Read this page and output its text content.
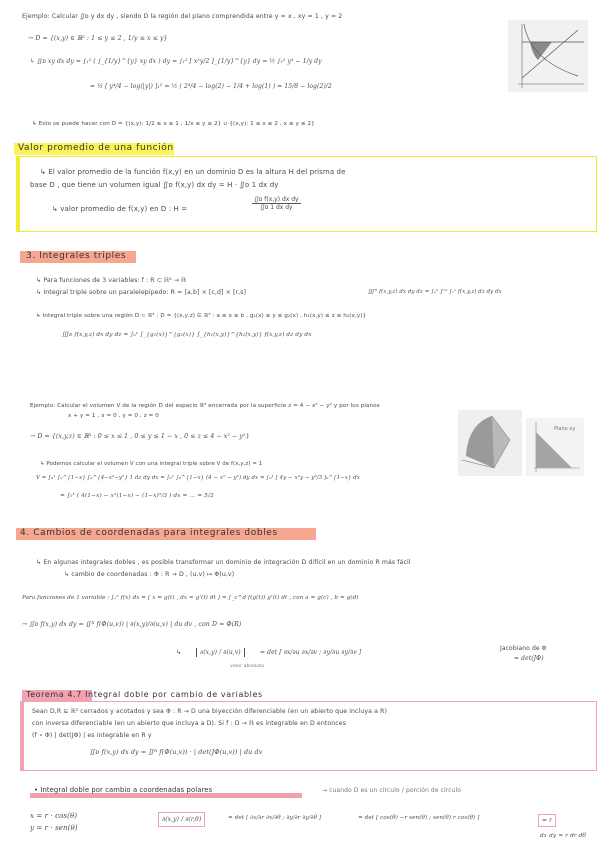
Ejemplo: Calcular ∬ᴅ y dx dy , siendo D la región del plano comprendida entre y = x , xy = 1 , y = 2
→ D = {(x,y) ∈ ℝ² : 1 ≤ y ≤ 2 , 1/y ≤ x ≤ y}
↳ ∬ᴅ xy dx dy = ∫₁² ( ∫_{1/y}^{y} xy dx ) dy = ∫₁² [ x²y/2 ]_{1/y}^{y} dy = ½ ∫₁² y³ − 1/y dy
= ½ [ y⁴/4 − log(|y|) ]₁² = ½ ( 2⁴/4 − log(2) − 1/4 + log(1) ) = 15/8 − log(2)/2
↳ Esto se puede hacer con D = {(x,y): 1/2 ≤ x ≤ 1 , 1/x ≤ y ≤ 2} ∪ {(x,y): 1 ≤ x ≤ 2 , x ≤ y ≤ 2}
Valor promedio de una función
↳ El valor promedio de la función f(x,y) en un dominio D es la altura H del prisma de
base D , que tiene un volumen igual ∬ᴅ f(x,y) dx dy = H · ∬ᴅ 1 dx dy
↳ valor promedio de f(x,y) en D : H =	$\frac{\text{∬ᴅ f(x,y) dx dy}}{\text{∬ᴅ 1 dx dy}}$
3. Integrales triples
↳ Para funciones de 3 variables: f : R ⊂ ℝ³ → ℝ
↳ Integral triple sobre un paralelepípedo: R = [a,b] × [c,d] × [r,s]	∭ᴿ f(x,y,z) dx dy dz = ∫ₐᵇ ∫ᶜᵈ ∫ᵣˢ f(x,y,z) dz dy dx
↳ Integral triple sobre una región D ⊂ ℝ³ : D = {(x,y,z) ∈ ℝ³ : a ≤ x ≤ b , g₁(x) ≤ y ≤ g₂(x) , h₁(x,y) ≤ z ≤ h₂(x,y)}
∭ᴅ f(x,y,z) dx dy dz = ∫ₐᵇ ∫_{g₁(x)}^{g₂(x)} ∫_{h₁(x,y)}^{h₂(x,y)} f(x,y,z) dz dy dx
Ejemplo: Calcular el volumen V de la región D del espacio ℝ³ encerrada por la superficie z = 4 − x² − y² y por los planos
x + y = 1 , x = 0 , y = 0 , z = 0
→ D = {(x,y,z) ∈ ℝ³ : 0 ≤ x ≤ 1 , 0 ≤ y ≤ 1 − x , 0 ≤ z ≤ 4 − x² − y²}
↳ Podemos calcular el volumen V con una integral triple sobre V de f(x,y,z) = 1
V = ∫₀¹ ∫₀^{1−x} ∫₀^{4−x²−y²} 1 dz dy dx = ∫₀¹ ∫₀^{1−x} (4 − x² − y²) dy dx = ∫₀¹ [ 4y − x²y − y³/3 ]₀^{1−x} dx
= ∫₀¹ ( 4(1−x) − x²(1−x) − (1−x)³/3 ) dx = … = 5/2
Plano xy
4. Cambios de coordenadas para integrales dobles
↳ En algunas integrales dobles , es posible transformar un dominio de integración D difícil en un dominio R más fácil
↳ cambio de coordenadas : Φ : R → D , (u,v) ↦ Φ(u,v)
Para funciones de 1 variable : ∫ₐᵇ f(x) dx = [ x = g(t) , dx = g'(t) dt ] = ∫_c^d f(g(t)) g'(t) dt , con a = g(c) , b = g(d)
→ ∬ᴅ f(x,y) dx dy = ∬ᴿ f(Φ(u,v)) | ∂(x,y)/∂(u,v) | du dv , con D = Φ(R)
↳	∂(x,y) / ∂(u,v)	= det [ ∂x/∂u ∂x/∂v ; ∂y/∂u ∂y/∂v ]
Jacobiano de Φ
= det(JΦ)
valor absoluto
Teorema 4.7 Integral doble por cambio de variables
Sean D,R ⊆ ℝ² cerrados y acotados y sea Φ : R → D una biyección diferenciable (en un abierto que incluya a R)
con inversa diferenciable (en un abierto que incluya a D). Si f : D → ℝ es integrable en D entonces
(f ∘ Φ) | det(JΦ) | es integrable en R y
∬ᴅ f(x,y) dx dy = ∬ᴿ f(Φ(u,v)) · | det(JΦ(u,v)) | du dv
• Integral doble por cambio a coordenadas polares	→ cuando D es un círculo / porción de círculo
x = r · cos(θ)
y = r · sen(θ)
∂(x,y) / ∂(r,θ)	= det [ ∂x/∂r ∂x/∂θ ; ∂y/∂r ∂y/∂θ ]	= det [ cos(θ) −r sen(θ) ; sen(θ) r cos(θ) ]	= r
dx dy = r dr dθ
